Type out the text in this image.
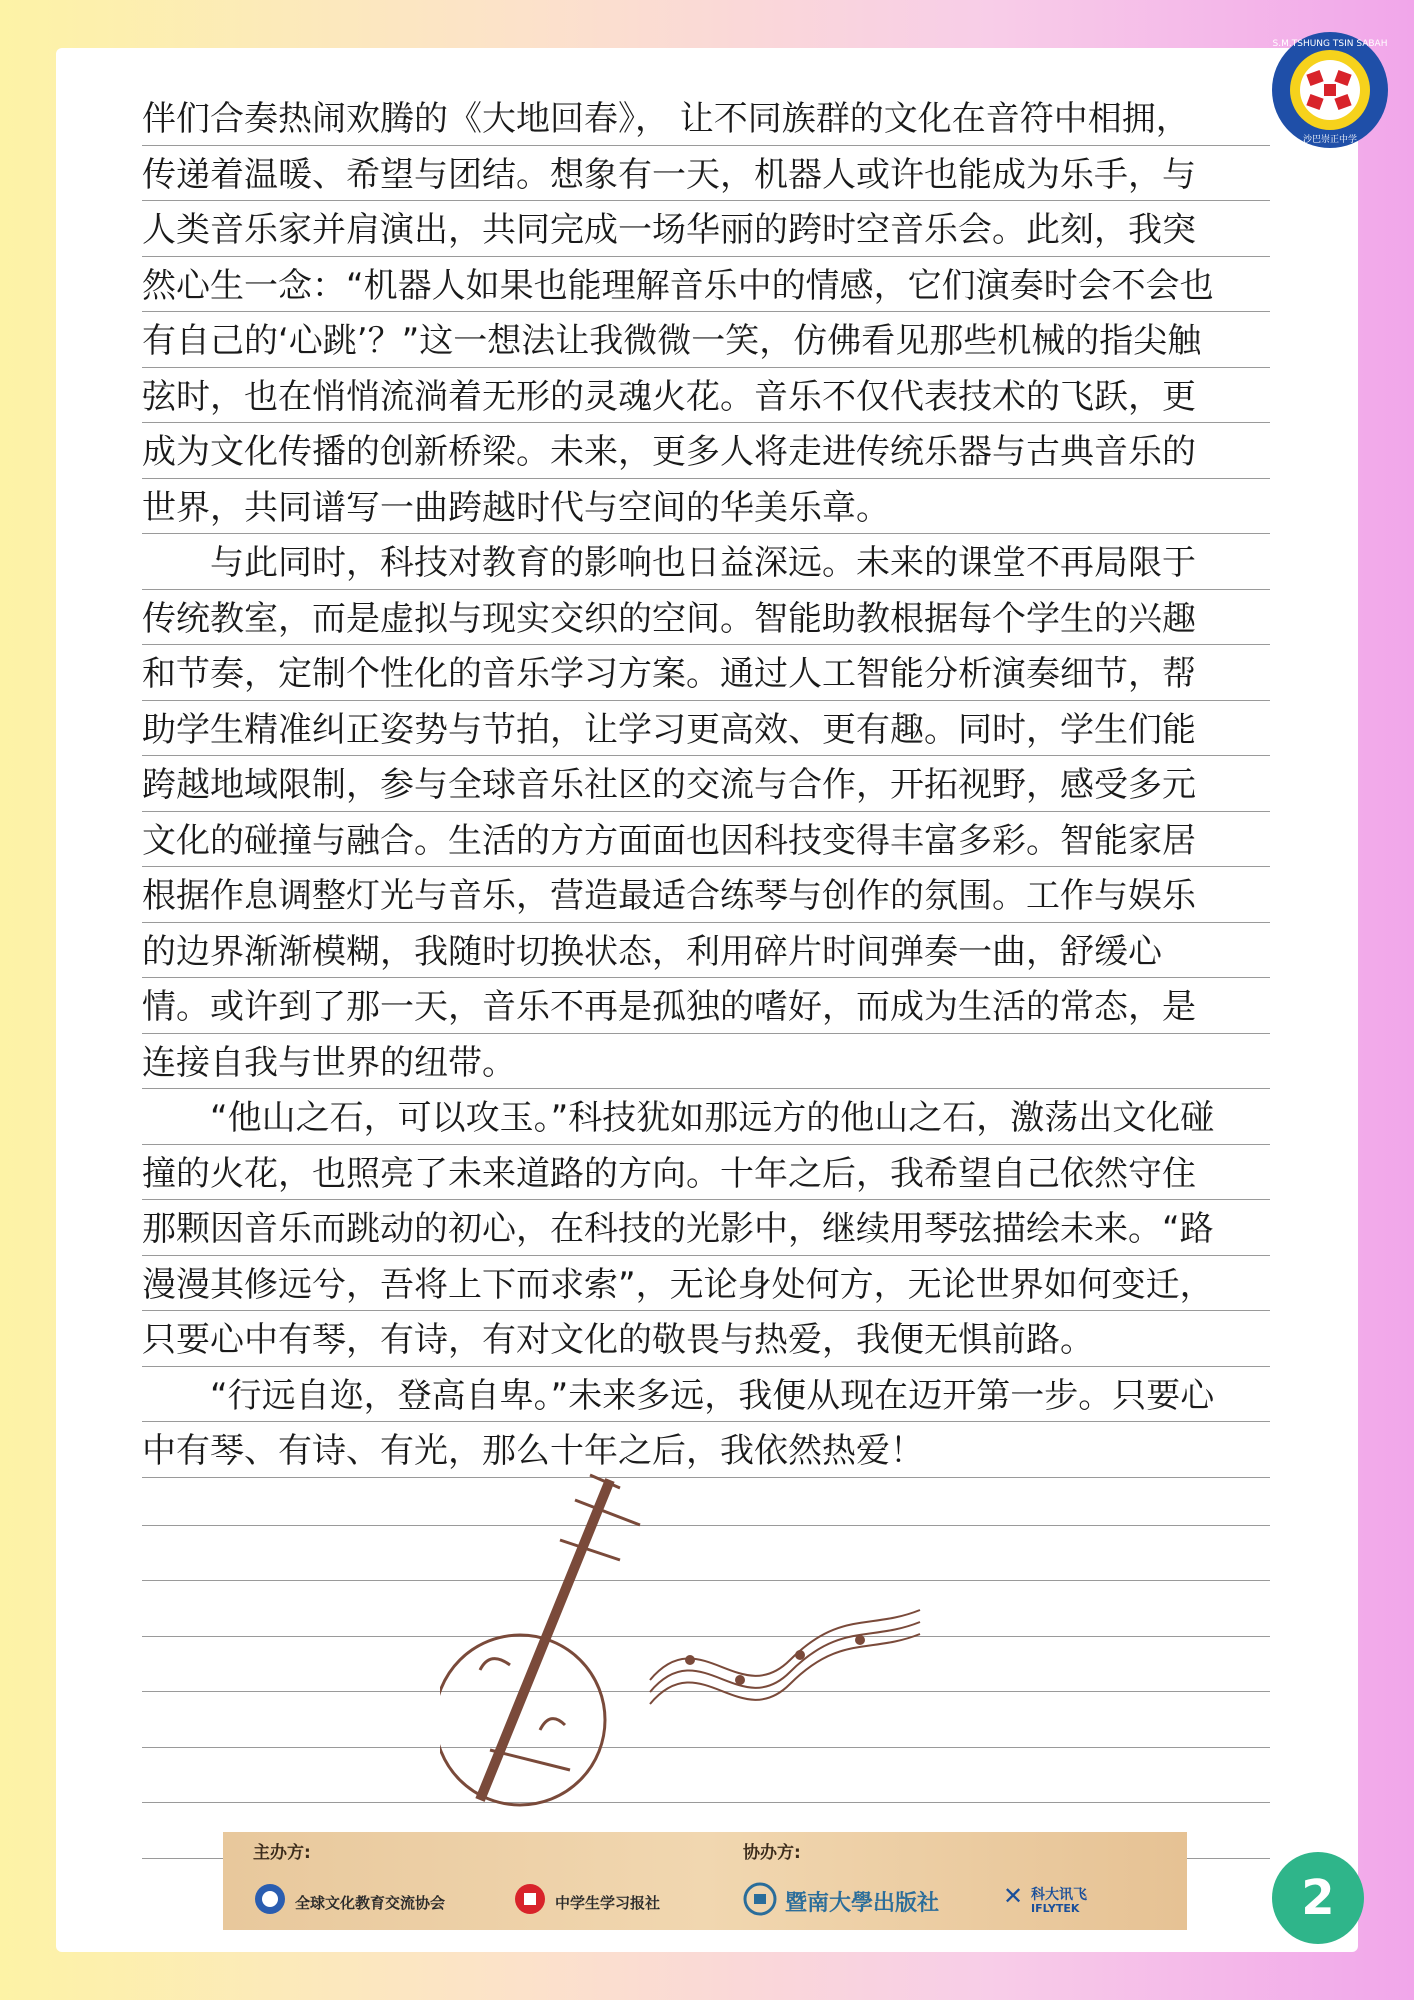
S.M.TSHUNG TSIN SABAH
沙巴崇正中学
伴们合奏热闹欢腾的《大地回春》， 让不同族群的文化在音符中相拥，
传递着温暖、希望与团结。想象有一天，机器人或许也能成为乐手，与
人类音乐家并肩演出，共同完成一场华丽的跨时空音乐会。此刻，我突
然心生一念：“机器人如果也能理解音乐中的情感，它们演奏时会不会也
有自己的‘心跳’？”这一想法让我微微一笑，仿佛看见那些机械的指尖触
弦时，也在悄悄流淌着无形的灵魂火花。音乐不仅代表技术的飞跃，更
成为文化传播的创新桥梁。未来，更多人将走进传统乐器与古典音乐的
世界，共同谱写一曲跨越时代与空间的华美乐章。
　　与此同时，科技对教育的影响也日益深远。未来的课堂不再局限于
传统教室，而是虚拟与现实交织的空间。智能助教根据每个学生的兴趣
和节奏，定制个性化的音乐学习方案。通过人工智能分析演奏细节，帮
助学生精准纠正姿势与节拍，让学习更高效、更有趣。同时，学生们能
跨越地域限制，参与全球音乐社区的交流与合作，开拓视野，感受多元
文化的碰撞与融合。生活的方方面面也因科技变得丰富多彩。智能家居
根据作息调整灯光与音乐，营造最适合练琴与创作的氛围。工作与娱乐
的边界渐渐模糊，我随时切换状态，利用碎片时间弹奏一曲，舒缓心
情。或许到了那一天，音乐不再是孤独的嗜好，而成为生活的常态，是
连接自我与世界的纽带。
　　“他山之石，可以攻玉。”科技犹如那远方的他山之石，激荡出文化碰
撞的火花，也照亮了未来道路的方向。十年之后，我希望自己依然守住
那颗因音乐而跳动的初心，在科技的光影中，继续用琴弦描绘未来。“路
漫漫其修远兮，吾将上下而求索”，无论身处何方，无论世界如何变迁，
只要心中有琴，有诗，有对文化的敬畏与热爱，我便无惧前路。
　　“行远自迩，登高自卑。”未来多远，我便从现在迈开第一步。只要心
中有琴、有诗、有光，那么十年之后，我依然热爱！
主办方:	协办方:
全球文化教育交流协会	中学生学习报社	暨南大學出版社	✕ 科大讯飞
IFLYTEK	2
